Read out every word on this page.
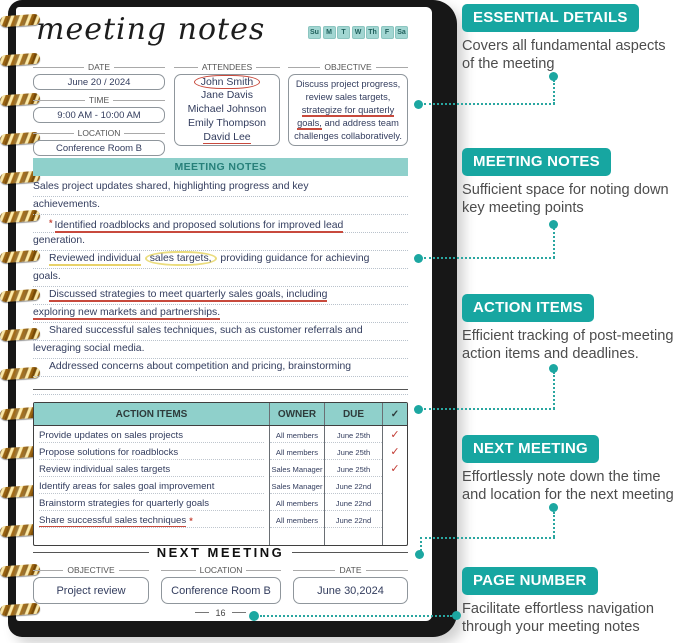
meeting notes	Su	M	T	W Th	F	Sa
DATE
June 20 / 2024
TIME
9:00 AM - 10:00 AM
LOCATION
Conference Room B
ATTENDEES
John Smith
Jane Davis
Michael Johnson
Emily Thompson
David Lee
OBJECTIVE
Discuss project progress, review sales targets, strategize for quarterly goals, and address team challenges collaboratively.
MEETING NOTES
Sales project updates shared, highlighting progress and key
achievements.
* Identified roadblocks and proposed solutions for improved lead
generation.
Reviewed individual sales targets, providing guidance for achieving
goals.
Discussed strategies to meet quarterly sales goals, including
exploring new markets and partnerships.
Shared successful sales techniques, such as customer referrals and
leveraging social media.
Addressed concerns about competition and pricing, brainstorming
ACTION ITEMS	OWNER	DUE	✓
Provide updates on sales projects	All members	June 25th	✓
Propose solutions for roadblocks	All members	June 25th	✓
Review individual sales targets	Sales Manager	June 25th	✓
Identify areas for sales goal improvement	Sales Manager	June 22nd
Brainstorm strategies for quarterly goals	All members	June 22nd
Share successful sales techniques *	All members	June 22nd
NEXT MEETING
OBJECTIVE
Project review
LOCATION
Conference Room B
DATE
June 30,2024
16
ESSENTIAL DETAILS
Covers all fundamental aspects of the meeting
MEETING NOTES
Sufficient space for noting down key meeting points
ACTION ITEMS
Efficient tracking of post-meeting action items and deadlines.
NEXT MEETING
Effortlessly note down the time and location for the next meeting
PAGE NUMBER
Facilitate effortless navigation through your meeting notes
